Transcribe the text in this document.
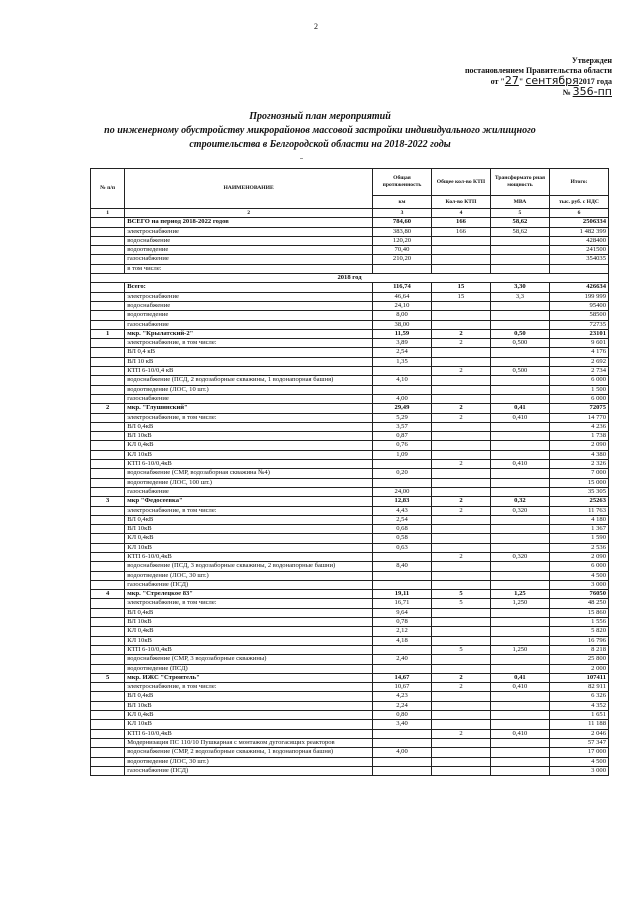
2
Утвержден
постановлением Правительства области
от "27" сентября2017 года
№ 356-пп
Прогнозный план мероприятий
по инженерному обустройству микрорайонов массовой застройки индивидуального жилищного
строительства в Белгородской области на 2018-2022 годы
№ п/п	НАИМЕНОВАНИЕ	Общая протяженность	Общее кол-во КТП	Трансформато рная мощность	Итого:
		км	Кол-во КТП	МВА	тыс. руб. с НДС
1	2	3	4	5	6
	ВСЕГО на период 2018-2022 годов	784,60	166	58,62	2506334
	электроснабжение	383,80	166	58,62	1 482 399
	водоснабжение	120,20			428400
	водоотведение	70,40			241500
	газоснабжение	210,20			354035
	в том числе:				
2018 год					
	Всего:	116,74	15	3,30	426634
	электроснабжение	46,64	15	3,3	199 999
	водоснабжение	24,10			95400
	водоотведение	8,00			58500
	газоснабжение	38,00			72735
1	мкр. "Крылатский-2"	11,59	2	0,50	23101
	электроснабжение, в том числе:	3,89	2	0,500	9 601
	ВЛ 0,4 кВ	2,54			4 176
	ВЛ 10 кВ	1,35			2 692
	КТП 6-10/0,4 кВ		2	0,500	2 734
	водоснабжение (ПСД, 2 водозаборные скважины, 1 водонапорная башня)	4,10			6 000
	водоотведение (ЛОС, 10 шт.)				1 500
	газоснабжение	4,00			6 000
2	мкр. "Глушинский"	29,49	2	0,41	72075
	электроснабжение, в том числе:	5,29	2	0,410	14 770
	ВЛ 0,4кВ	3,57			4 236
	ВЛ 10кВ	0,87			1 738
	КЛ 0,4кВ	0,76			2 090
	КЛ 10кВ	1,09			4 380
	КТП 6-10/0,4кВ		2	0,410	2 326
	водоснабжение (СМР, водозаборная скважина №4)	0,20			7 000
	водоотведение (ЛОС, 100 шт.)				15 000
	газоснабжение	24,00			35 305
3	мкр "Федосеевка"	12,83	2	0,32	25263
	электроснабжение, в том числе:	4,43	2	0,320	11 763
	ВЛ 0,4кВ	2,54			4 180
	ВЛ 10кВ	0,68			1 367
	КЛ 0,4кВ	0,58			1 590
	КЛ 10кВ	0,63			2 536
	КТП 6-10/0,4кВ		2	0,320	2 090
	водоснабжение (ПСД, 3 водозаборные скважины, 2 водонапорные башни)	8,40			6 000
	водоотведение (ЛОС, 30 шт.)				4 500
	газоснабжение (ПСД)				3 000
4	мкр. "Стрелецкое 83"	19,11	5	1,25	76050
	электроснабжение, в том числе:	16,71	5	1,250	48 250
	ВЛ 0,4кВ	9,64			15 860
	ВЛ 10кВ	0,78			1 556
	КЛ 0,4кВ	2,12			5 820
	КЛ 10кВ	4,18			16 796
	КТП 6-10/0,4кВ		5	1,250	8 218
	водоснабжение (СМР, 3 водозаборные скважины)	2,40			25 800
	водоотведение (ПСД)				2 000
5	мкр. ИЖС "Строитель"	14,67	2	0,41	107411
	электроснабжение, в том числе:	10,67	2	0,410	82 911
	ВЛ 0,4кВ	4,23			6 326
	ВЛ 10кВ	2,24			4 352
	КЛ 0,4кВ	0,80			1 651
	КЛ 10кВ	3,40			11 188
	КТП 6-10/0,4кВ		2	0,410	2 046
	Модернизация ПС 110/10 Пушкарная с монтажом дугогасящих реакторов				57 347
	водоснабжение (СМР, 2 водозаборные скважины, 1 водонапорная башня)	4,00			17 000
	водоотведение (ЛОС, 30 шт.)				4 500
	газоснабжение (ПСД)				3 000
